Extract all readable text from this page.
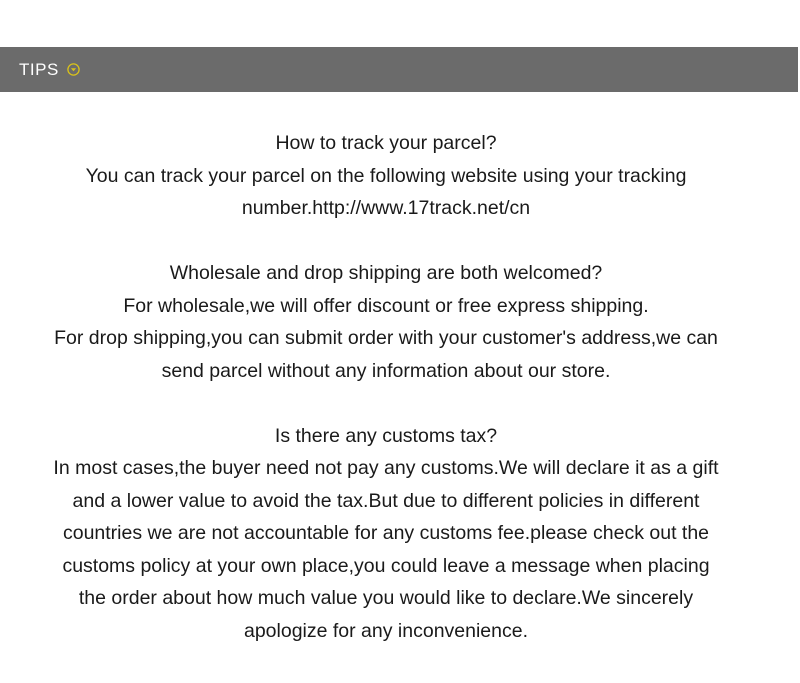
TIPS

How to track your parcel?

You can track your parcel on the following website using your tracking

number.http://www.17track.net/cn

Wholesale and drop shipping are both welcomed?

For wholesale,we will offer discount or free express shipping.

For drop shipping,you can submit order with your customer's address,we can

send parcel without any information about our store.

Is there any customs tax?

In most cases,the buyer need not pay any customs.We will declare it as a gift

and a lower value to avoid the tax.But due to different policies in different

countries we are not accountable for any customs fee.please check out the

customs policy at your own place,you could leave a message when placing

the order about how much value you would like to declare.We sincerely

apologize for any inconvenience.
